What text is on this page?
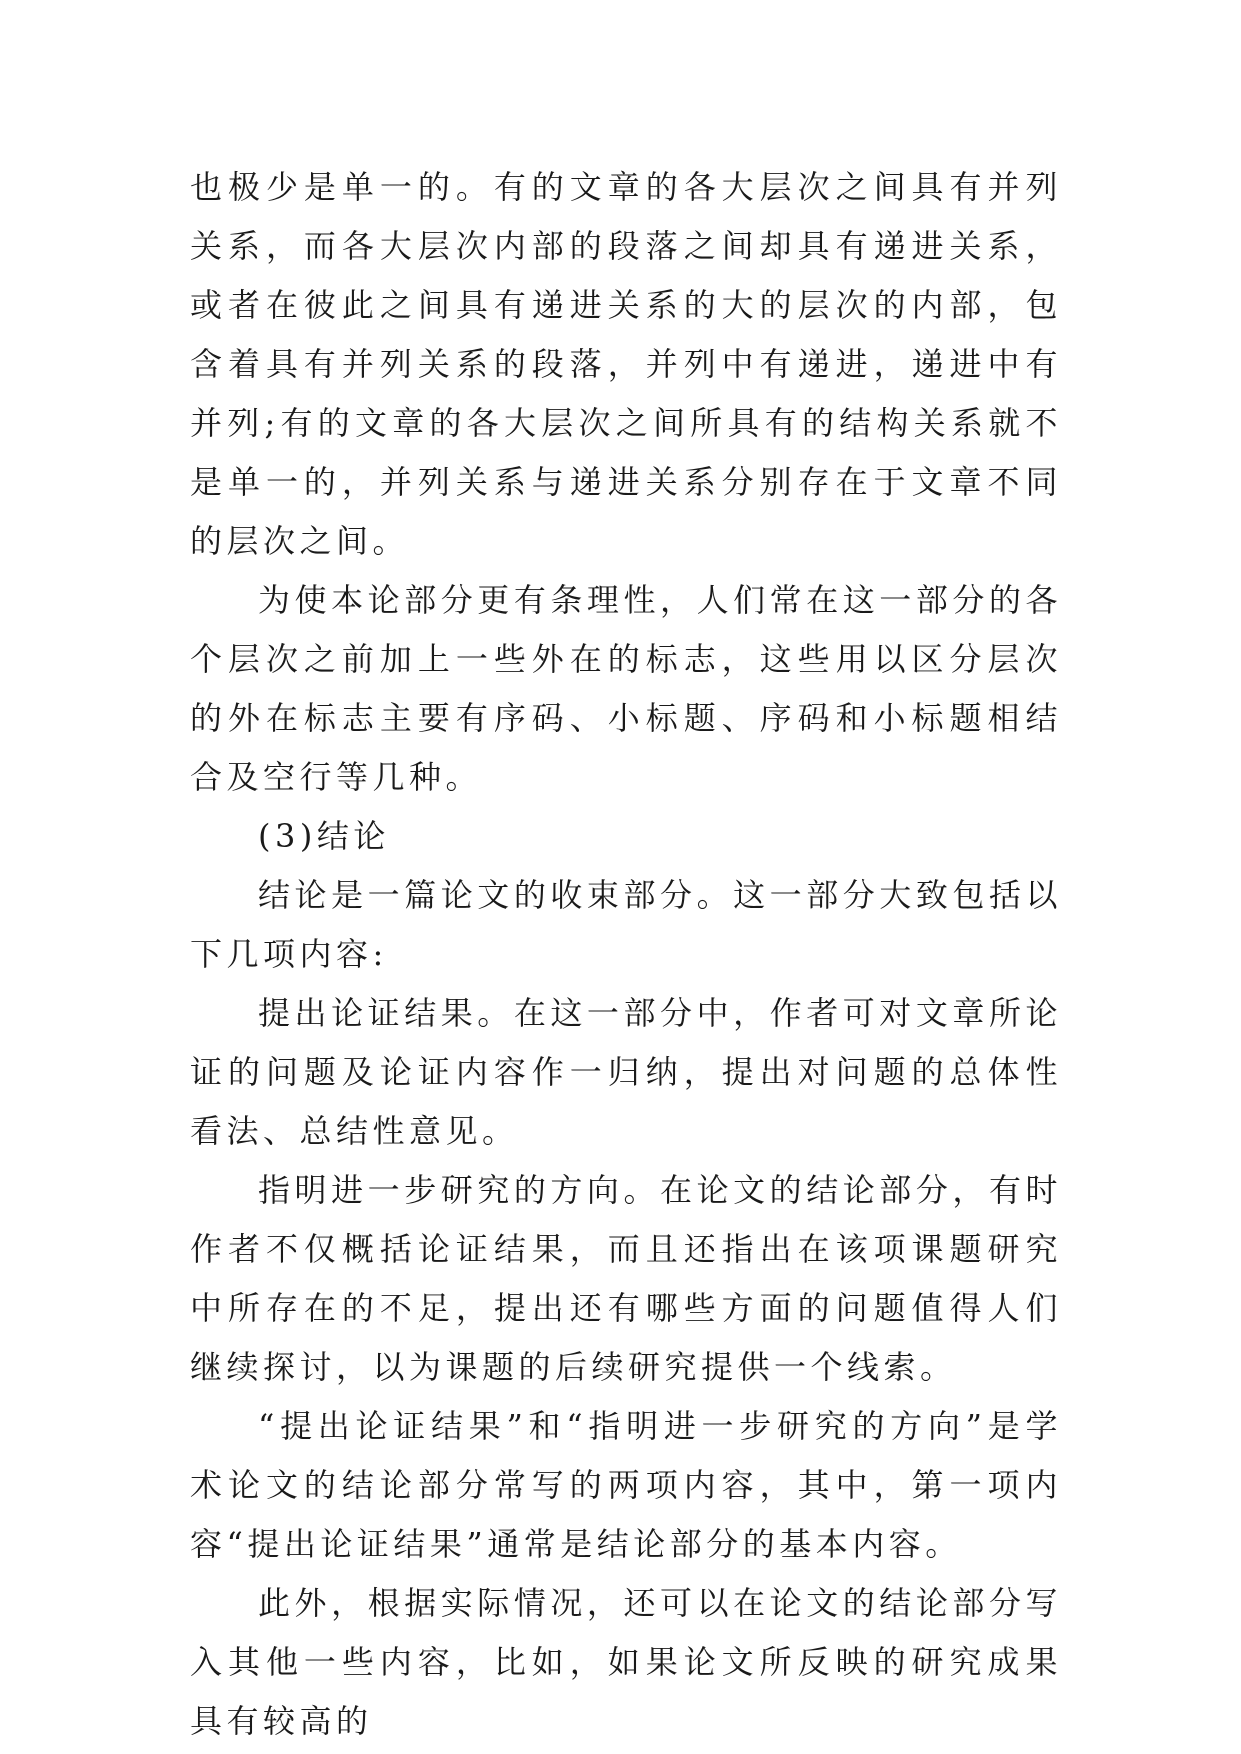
也极少是单一的。有的文章的各大层次之间具有并列关系，而各大层次内部的段落之间却具有递进关系，或者在彼此之间具有递进关系的大的层次的内部，包含着具有并列关系的段落，并列中有递进，递进中有并列;有的文章的各大层次之间所具有的结构关系就不是单一的，并列关系与递进关系分别存在于文章不同的层次之间。

为使本论部分更有条理性，人们常在这一部分的各个层次之前加上一些外在的标志，这些用以区分层次的外在标志主要有序码、小标题、序码和小标题相结合及空行等几种。

(3)结论

结论是一篇论文的收束部分。这一部分大致包括以下几项内容:

提出论证结果。在这一部分中，作者可对文章所论证的问题及论证内容作一归纳，提出对问题的总体性看法、总结性意见。

指明进一步研究的方向。在论文的结论部分，有时作者不仅概括论证结果，而且还指出在该项课题研究中所存在的不足，提出还有哪些方面的问题值得人们继续探讨，以为课题的后续研究提供一个线索。

“提出论证结果”和“指明进一步研究的方向”是学术论文的结论部分常写的两项内容，其中，第一项内容“提出论证结果”通常是结论部分的基本内容。

此外，根据实际情况，还可以在论文的结论部分写入其他一些内容，比如，如果论文所反映的研究成果具有较高的
